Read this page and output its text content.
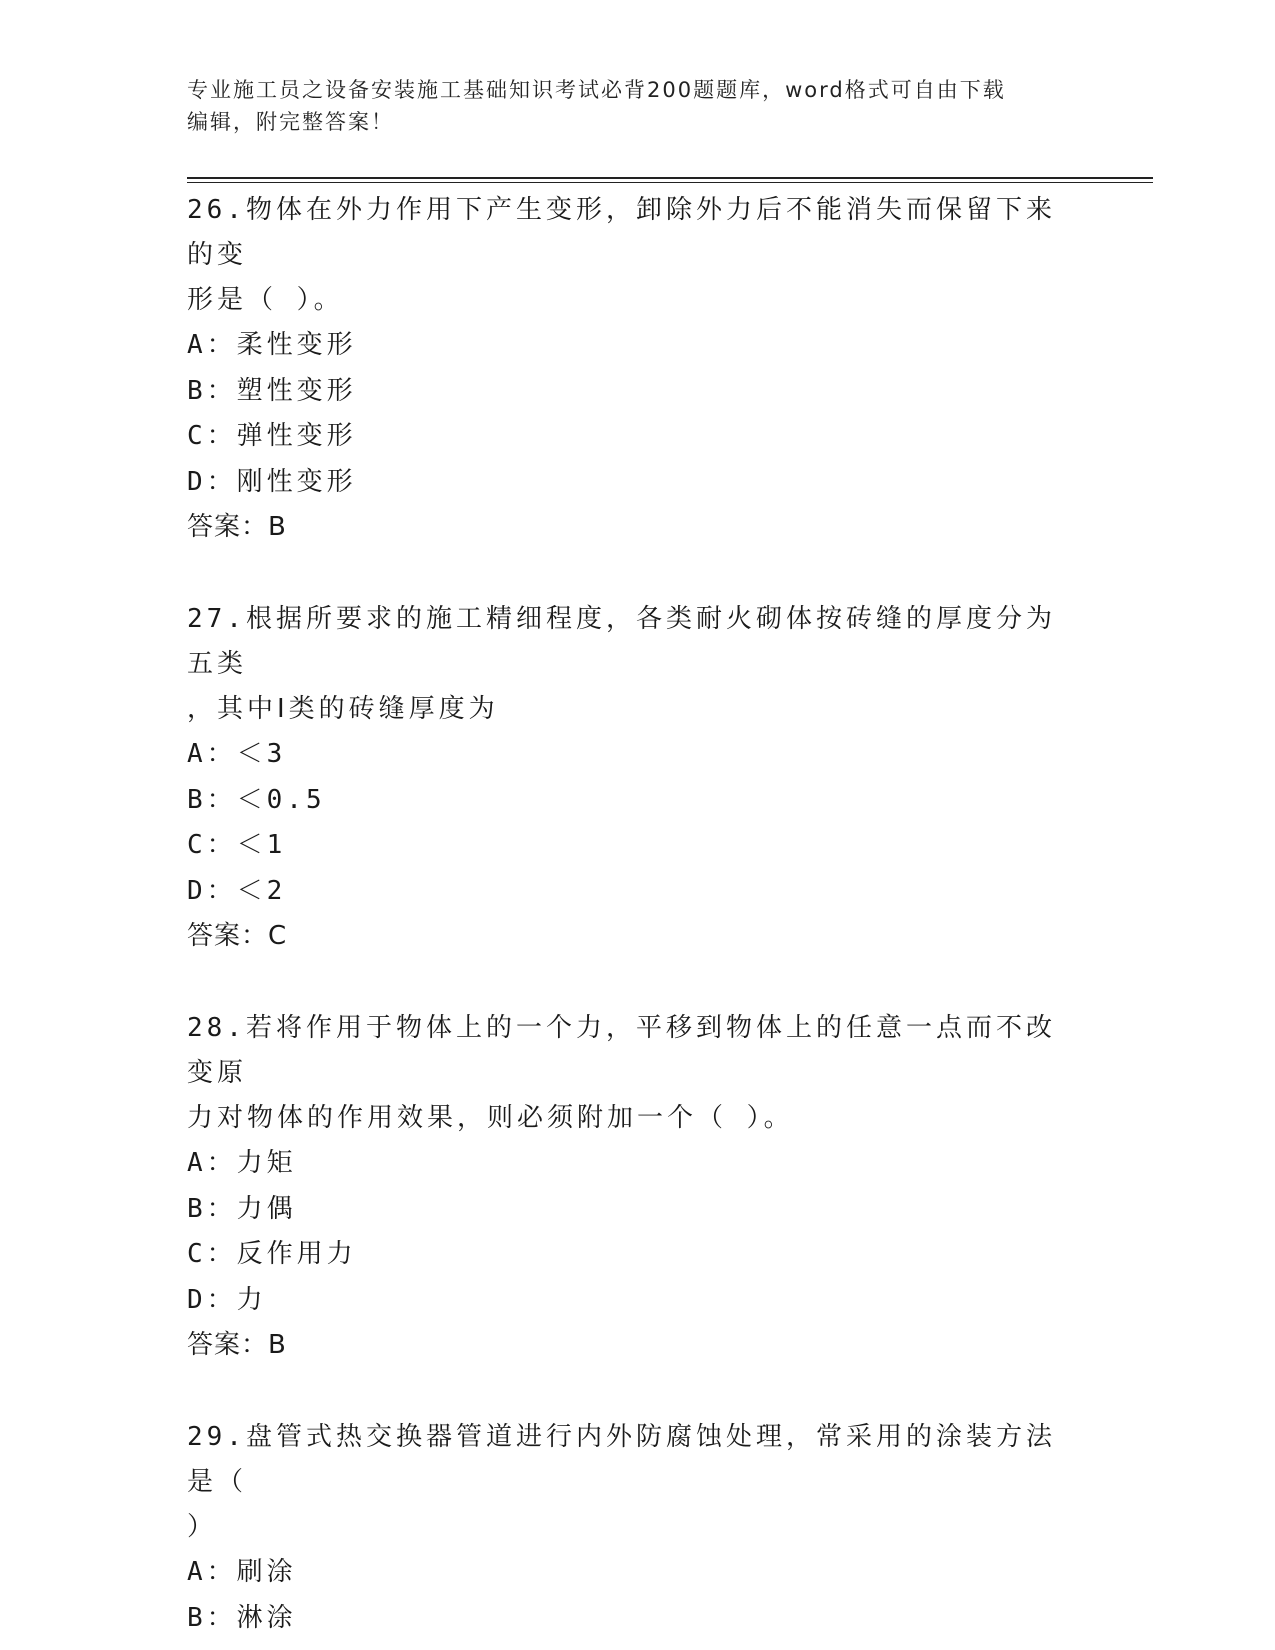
专业施工员之设备安装施工基础知识考试必背200题题库，word格式可自由下载
编辑，附完整答案！

26.物体在外力作用下产生变形，卸除外力后不能消失而保留下来的变
形是（ ）。

A：柔性变形

B：塑性变形

C：弹性变形

D：刚性变形

答案：B

27.根据所要求的施工精细程度，各类耐火砌体按砖缝的厚度分为五类
，其中Ⅰ类的砖缝厚度为

A：＜3

B：＜0.5

C：＜1

D：＜2

答案：C

28.若将作用于物体上的一个力，平移到物体上的任意一点而不改变原
力对物体的作用效果，则必须附加一个（ ）。

A：力矩

B：力偶

C：反作用力

D：力

答案：B

29.盘管式热交换器管道进行内外防腐蚀处理，常采用的涂装方法是（
）

A：刷涂

B：淋涂
